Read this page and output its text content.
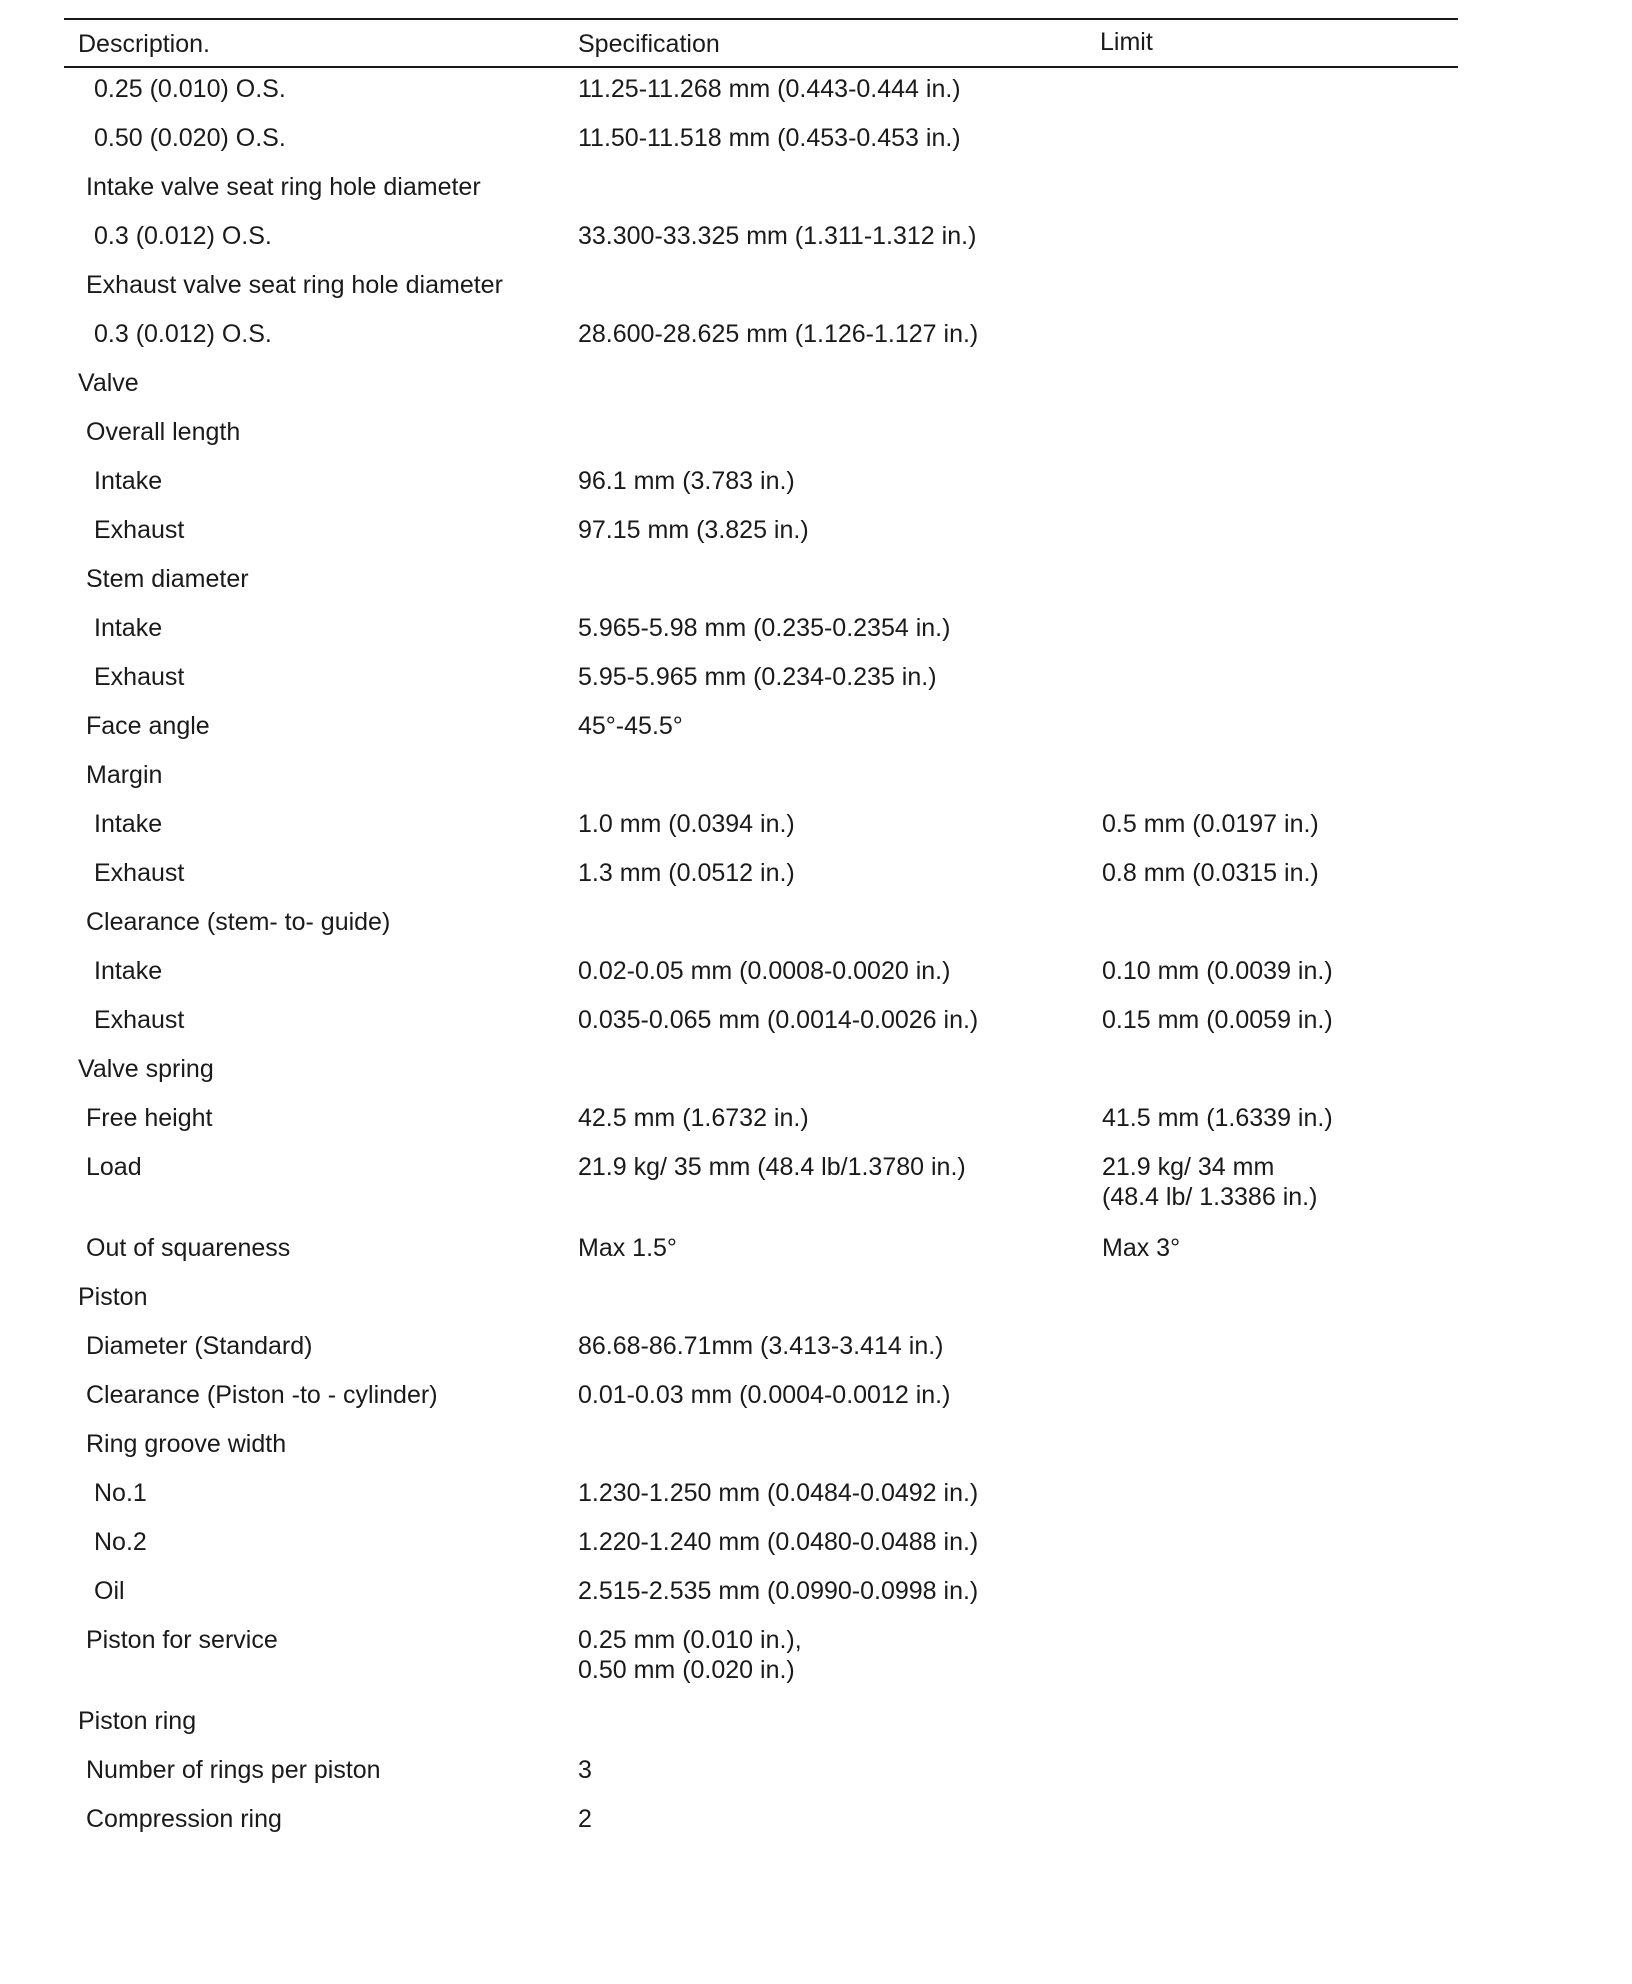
Description.	Specification	Limit
0.25 (0.010) O.S.	11.25-11.268 mm (0.443-0.444 in.)
0.50 (0.020) O.S.	11.50-11.518 mm (0.453-0.453 in.)
Intake valve seat ring hole diameter
0.3 (0.012) O.S.	33.300-33.325 mm (1.311-1.312 in.)
Exhaust valve seat ring hole diameter
0.3 (0.012) O.S.	28.600-28.625 mm (1.126-1.127 in.)
Valve
Overall length
Intake	96.1 mm (3.783 in.)
Exhaust	97.15 mm (3.825 in.)
Stem diameter
Intake	5.965-5.98 mm (0.235-0.2354 in.)
Exhaust	5.95-5.965 mm (0.234-0.235 in.)
Face angle	45°-45.5°
Margin
Intake	1.0 mm (0.0394 in.)	0.5 mm (0.0197 in.)
Exhaust	1.3 mm (0.0512 in.)	0.8 mm (0.0315 in.)
Clearance (stem- to- guide)
Intake	0.02-0.05 mm (0.0008-0.0020 in.)	0.10 mm (0.0039 in.)
Exhaust	0.035-0.065 mm (0.0014-0.0026 in.)	0.15 mm (0.0059 in.)
Valve spring
Free height	42.5 mm (1.6732 in.)	41.5 mm (1.6339 in.)
Load	21.9 kg/ 35 mm (48.4 lb/1.3780 in.)	21.9 kg/ 34 mm
(48.4 lb/ 1.3386 in.)
Out of squareness	Max 1.5°	Max 3°
Piston
Diameter (Standard)	86.68-86.71mm (3.413-3.414 in.)
Clearance (Piston -to - cylinder)	0.01-0.03 mm (0.0004-0.0012 in.)
Ring groove width
No.1	1.230-1.250 mm (0.0484-0.0492 in.)
No.2	1.220-1.240 mm (0.0480-0.0488 in.)
Oil	2.515-2.535 mm (0.0990-0.0998 in.)
Piston for service	0.25 mm (0.010 in.),
0.50 mm (0.020 in.)
Piston ring
Number of rings per piston	3
Compression ring	2
